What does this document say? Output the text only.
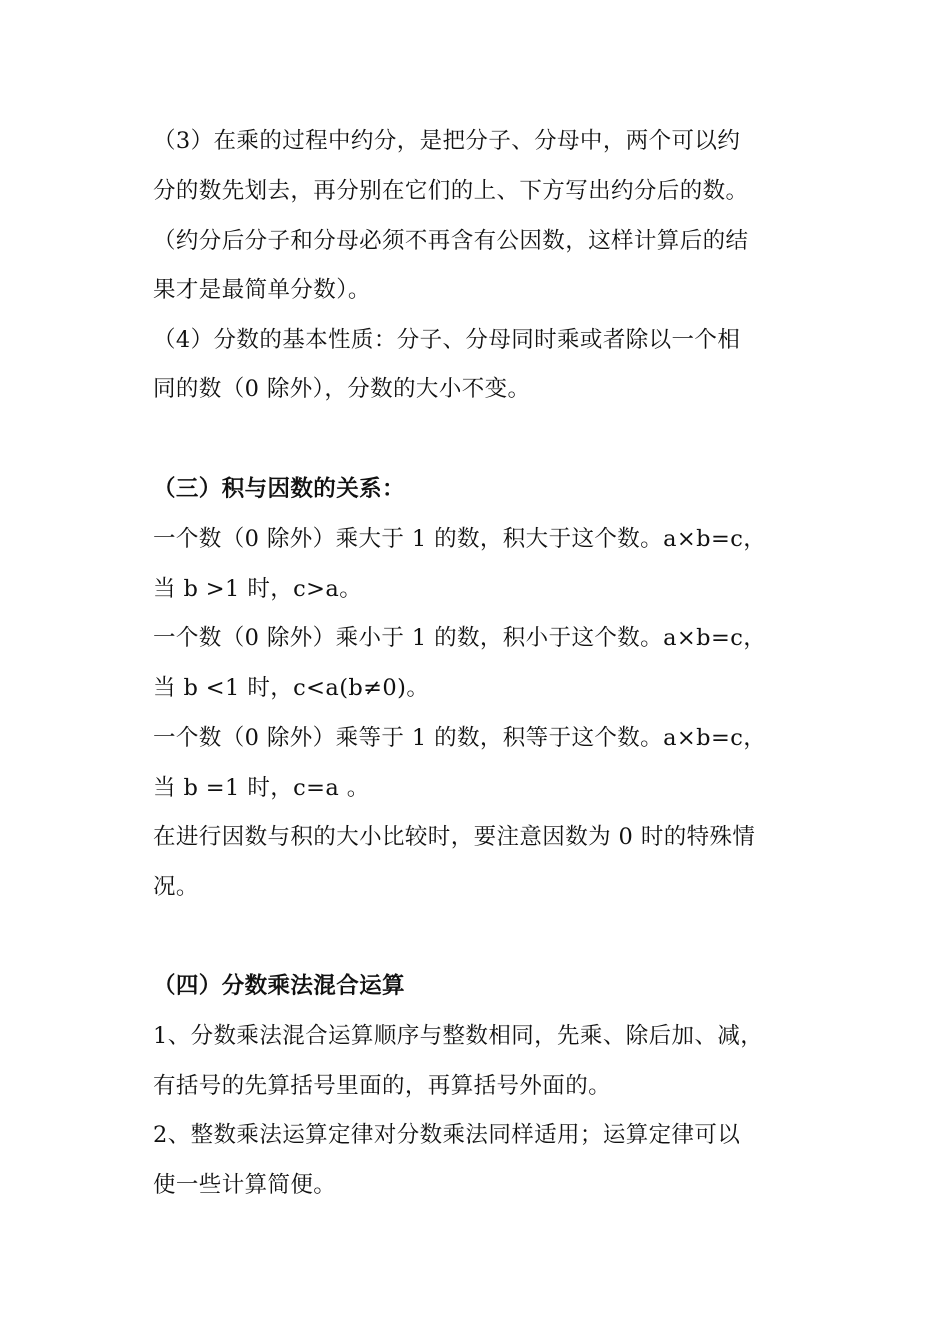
（3）在乘的过程中约分，是把分子、分母中，两个可以约
分的数先划去，再分别在它们的上、下方写出约分后的数。
（约分后分子和分母必须不再含有公因数，这样计算后的结
果才是最简单分数）。
（4）分数的基本性质：分子、分母同时乘或者除以一个相
同的数（0 除外），分数的大小不变。
（三）积与因数的关系：
一个数（0 除外）乘大于 1 的数，积大于这个数。a×b=c，
当 b >1 时，c>a。
一个数（0 除外）乘小于 1 的数，积小于这个数。a×b=c，
当 b <1 时，c<a(b≠0)。
一个数（0 除外）乘等于 1 的数，积等于这个数。a×b=c，
当 b =1 时，c=a 。
在进行因数与积的大小比较时，要注意因数为 0 时的特殊情
况。
（四）分数乘法混合运算
1、分数乘法混合运算顺序与整数相同，先乘、除后加、减，
有括号的先算括号里面的，再算括号外面的。
2、整数乘法运算定律对分数乘法同样适用；运算定律可以
使一些计算简便。
